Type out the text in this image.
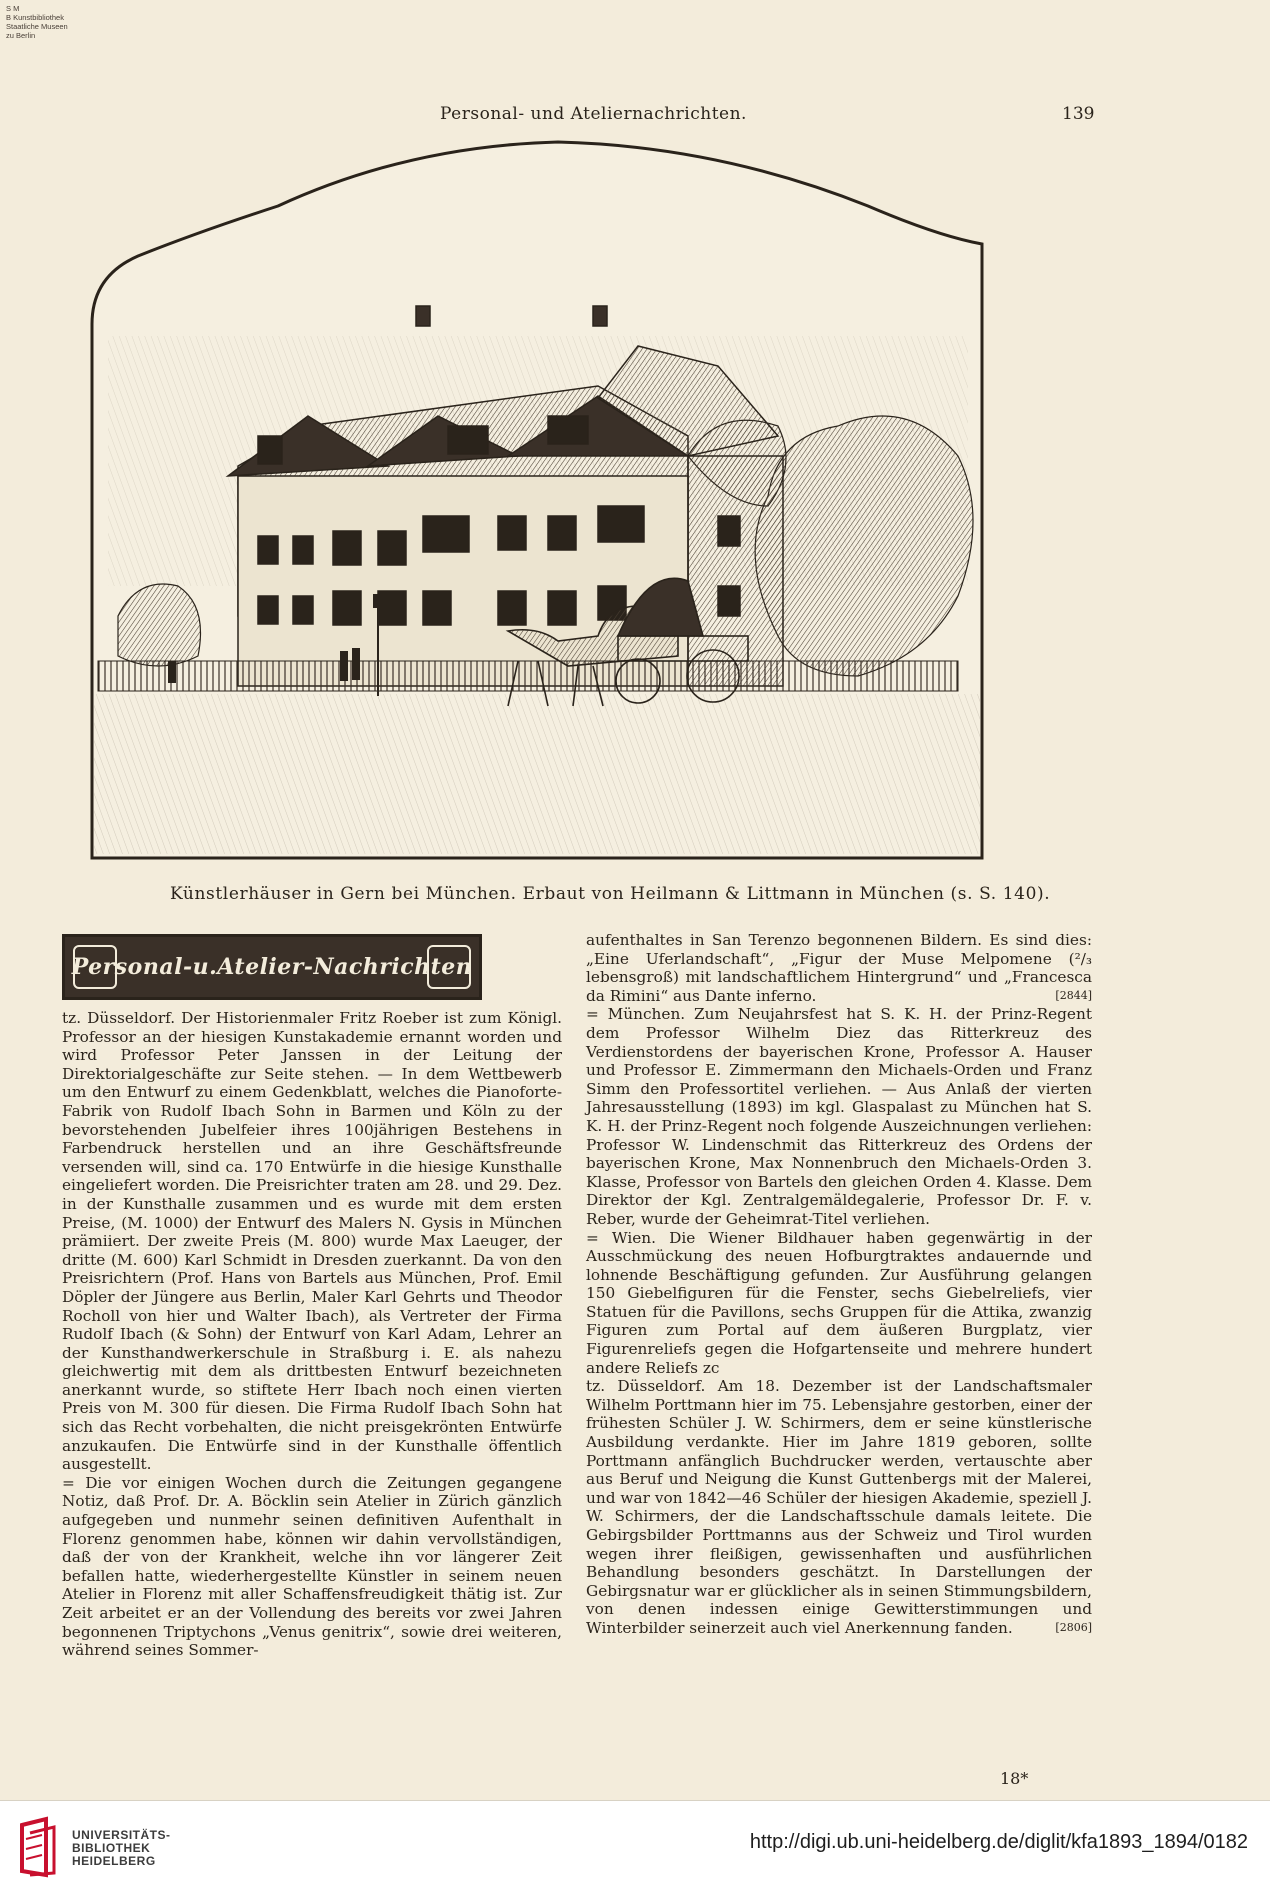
S M
B Kunstbibliothek
Staatliche Museen
zu Berlin
Personal- und Ateliernachrichten.	139
Künstlerhäuser in Gern bei München. Erbaut von Heilmann & Littmann in München (s. S. 140).
Personal-u.Atelier-Nachrichten

tz. Düsseldorf. Der Historienmaler Fritz Roeber ist zum Königl. Professor an der hiesigen Kunstakademie ernannt worden und wird Professor Peter Janssen in der Leitung der Direktorialgeschäfte zur Seite stehen. — In dem Wettbewerb um den Entwurf zu einem Gedenkblatt, welches die Pianoforte-Fabrik von Rudolf Ibach Sohn in Barmen und Köln zu der bevorstehenden Jubelfeier ihres 100jährigen Bestehens in Farbendruck herstellen und an ihre Geschäftsfreunde versenden will, sind ca. 170 Entwürfe in die hiesige Kunsthalle eingeliefert worden. Die Preisrichter traten am 28. und 29. Dez. in der Kunsthalle zusammen und es wurde mit dem ersten Preise, (M. 1000) der Entwurf des Malers N. Gysis in München prämiiert. Der zweite Preis (M. 800) wurde Max Laeuger, der dritte (M. 600) Karl Schmidt in Dresden zuerkannt. Da von den Preisrichtern (Prof. Hans von Bartels aus München, Prof. Emil Döpler der Jüngere aus Berlin, Maler Karl Gehrts und Theodor Rocholl von hier und Walter Ibach), als Vertreter der Firma Rudolf Ibach (& Sohn) der Entwurf von Karl Adam, Lehrer an der Kunsthandwerkerschule in Straßburg i. E. als nahezu gleichwertig mit dem als drittbesten Entwurf bezeichneten anerkannt wurde, so stiftete Herr Ibach noch einen vierten Preis von M. 300 für diesen. Die Firma Rudolf Ibach Sohn hat sich das Recht vorbehalten, die nicht preisgekrönten Entwürfe anzukaufen. Die Entwürfe sind in der Kunsthalle öffentlich ausgestellt.

= Die vor einigen Wochen durch die Zeitungen gegangene Notiz, daß Prof. Dr. A. Böcklin sein Atelier in Zürich gänzlich aufgegeben und nunmehr seinen definitiven Aufenthalt in Florenz genommen habe, können wir dahin vervollständigen, daß der von der Krankheit, welche ihn vor längerer Zeit befallen hatte, wiederhergestellte Künstler in seinem neuen Atelier in Florenz mit aller Schaffensfreudigkeit thätig ist. Zur Zeit arbeitet er an der Vollendung des bereits vor zwei Jahren begonnenen Triptychons „Venus genitrix“, sowie drei weiteren, während seines Sommer-

aufenthaltes in San Terenzo begonnenen Bildern. Es sind dies: „Eine Uferlandschaft“, „Figur der Muse Melpomene (²/₃ lebensgroß) mit landschaftlichem Hintergrund“ und „Francesca da Rimini“ aus Dante inferno.	[2844]

= München. Zum Neujahrsfest hat S. K. H. der Prinz-Regent dem Professor Wilhelm Diez das Ritterkreuz des Verdienstordens der bayerischen Krone, Professor A. Hauser und Professor E. Zimmermann den Michaels-Orden und Franz Simm den Professortitel verliehen. — Aus Anlaß der vierten Jahresausstellung (1893) im kgl. Glaspalast zu München hat S. K. H. der Prinz-Regent noch folgende Auszeichnungen verliehen: Professor W. Lindenschmit das Ritterkreuz des Ordens der bayerischen Krone, Max Nonnenbruch den Michaels-Orden 3. Klasse, Professor von Bartels den gleichen Orden 4. Klasse. Dem Direktor der Kgl. Zentralgemäldegalerie, Professor Dr. F. v. Reber, wurde der Geheimrat-Titel verliehen.

= Wien. Die Wiener Bildhauer haben gegenwärtig in der Ausschmückung des neuen Hofburgtraktes andauernde und lohnende Beschäftigung gefunden. Zur Ausführung gelangen 150 Giebelfiguren für die Fenster, sechs Giebelreliefs, vier Statuen für die Pavillons, sechs Gruppen für die Attika, zwanzig Figuren zum Portal auf dem äußeren Burgplatz, vier Figurenreliefs gegen die Hofgartenseite und mehrere hundert andere Reliefs zc

tz. Düsseldorf. Am 18. Dezember ist der Landschaftsmaler Wilhelm Porttmann hier im 75. Lebensjahre gestorben, einer der frühesten Schüler J. W. Schirmers, dem er seine künstlerische Ausbildung verdankte. Hier im Jahre 1819 geboren, sollte Porttmann anfänglich Buchdrucker werden, vertauschte aber aus Beruf und Neigung die Kunst Guttenbergs mit der Malerei, und war von 1842—46 Schüler der hiesigen Akademie, speziell J. W. Schirmers, der die Landschaftsschule damals leitete. Die Gebirgsbilder Porttmanns aus der Schweiz und Tirol wurden wegen ihrer fleißigen, gewissenhaften und ausführlichen Behandlung besonders geschätzt. In Darstellungen der Gebirgsnatur war er glücklicher als in seinen Stimmungsbildern, von denen indessen einige Gewitterstimmungen und Winterbilder seinerzeit auch viel Anerkennung fanden.	[2806]

18*
UNIVERSITÄTS-
BIBLIOTHEK
HEIDELBERG
http://digi.ub.uni-heidelberg.de/diglit/kfa1893_1894/0182
